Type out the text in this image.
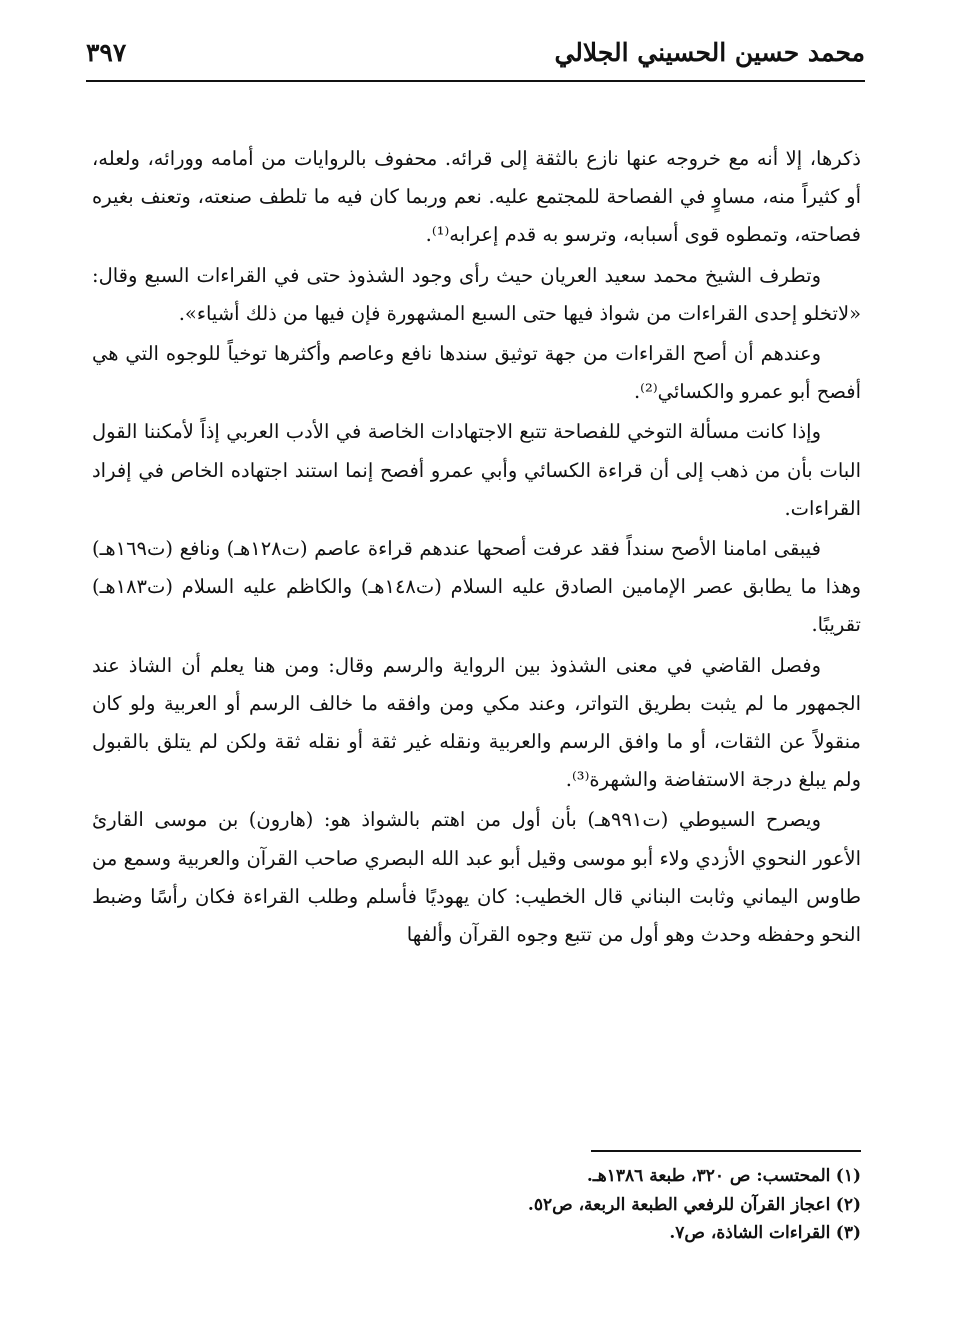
محمد حسين الحسيني الجلالي
٣٩٧

ذكرها، إلا أنه مع خروجه عنها نازع بالثقة إلى قرائه. محفوف بالروايات من أمامه وورائه، ولعله، أو كثيراً منه، مساوٍ في الفصاحة للمجتمع عليه. نعم وربما كان فيه ما تلطف صنعته، وتعنف بغيره فصاحته، وتمطوه قوى أسبابه، وترسو به قدم إعرابه⁽¹⁾.

وتطرف الشيخ محمد سعيد العريان حيث رأى وجود الشذوذ حتى في القراءات السبع وقال: «لاتخلو إحدى القراءات من شواذ فيها حتى السبع المشهورة فإن فيها من ذلك أشياء».

وعندهم أن أصح القراءات من جهة توثيق سندها نافع وعاصم وأكثرها توخياً للوجوه التي هي أفصح أبو عمرو والكسائي⁽²⁾.

وإذا كانت مسألة التوخي للفصاحة تتبع الاجتهادات الخاصة في الأدب العربي إذاً لأمكننا القول البات بأن من ذهب إلى أن قراءة الكسائي وأبي عمرو أفصح إنما استند اجتهاده الخاص في إفراد القراءات.

فيبقى امامنا الأصح سنداً فقد عرفت أصحها عندهم قراءة عاصم (ت١٢٨هـ) ونافع (ت١٦٩هـ) وهذا ما يطابق عصر الإمامين الصادق عليه السلام (ت١٤٨هـ) والكاظم عليه السلام (ت١٨٣هـ) تقريبًا.

وفصل القاضي في معنى الشذوذ بين الرواية والرسم وقال: ومن هنا يعلم أن الشاذ عند الجمهور ما لم يثبت بطريق التواتر، وعند مكي ومن وافقه ما خالف الرسم أو العربية ولو كان منقولاً عن الثقات، أو ما وافق الرسم والعربية ونقله غير ثقة أو نقله ثقة ولكن لم يتلق بالقبول ولم يبلغ درجة الاستفاضة والشهرة⁽³⁾.

ويصرح السيوطي (ت٩٩١هـ) بأن أول من اهتم بالشواذ هو: (هارون) بن موسى القارئ الأعور النحوي الأزدي ولاء أبو موسى وقيل أبو عبد الله البصري صاحب القرآن والعربية وسمع من طاوس اليماني وثابت البناني قال الخطيب: كان يهوديًا فأسلم وطلب القراءة فكان رأسًا وضبط النحو وحفظه وحدث وهو أول من تتبع وجوه القرآن وألفها

(١) المحتسب: ص ٣٢٠، طبعة ١٣٨٦هـ.

(٢) اعجاز القرآن للرفعي الطبعة الربعة، ص٥٢.

(٣) القراءات الشاذة، ص٧.
